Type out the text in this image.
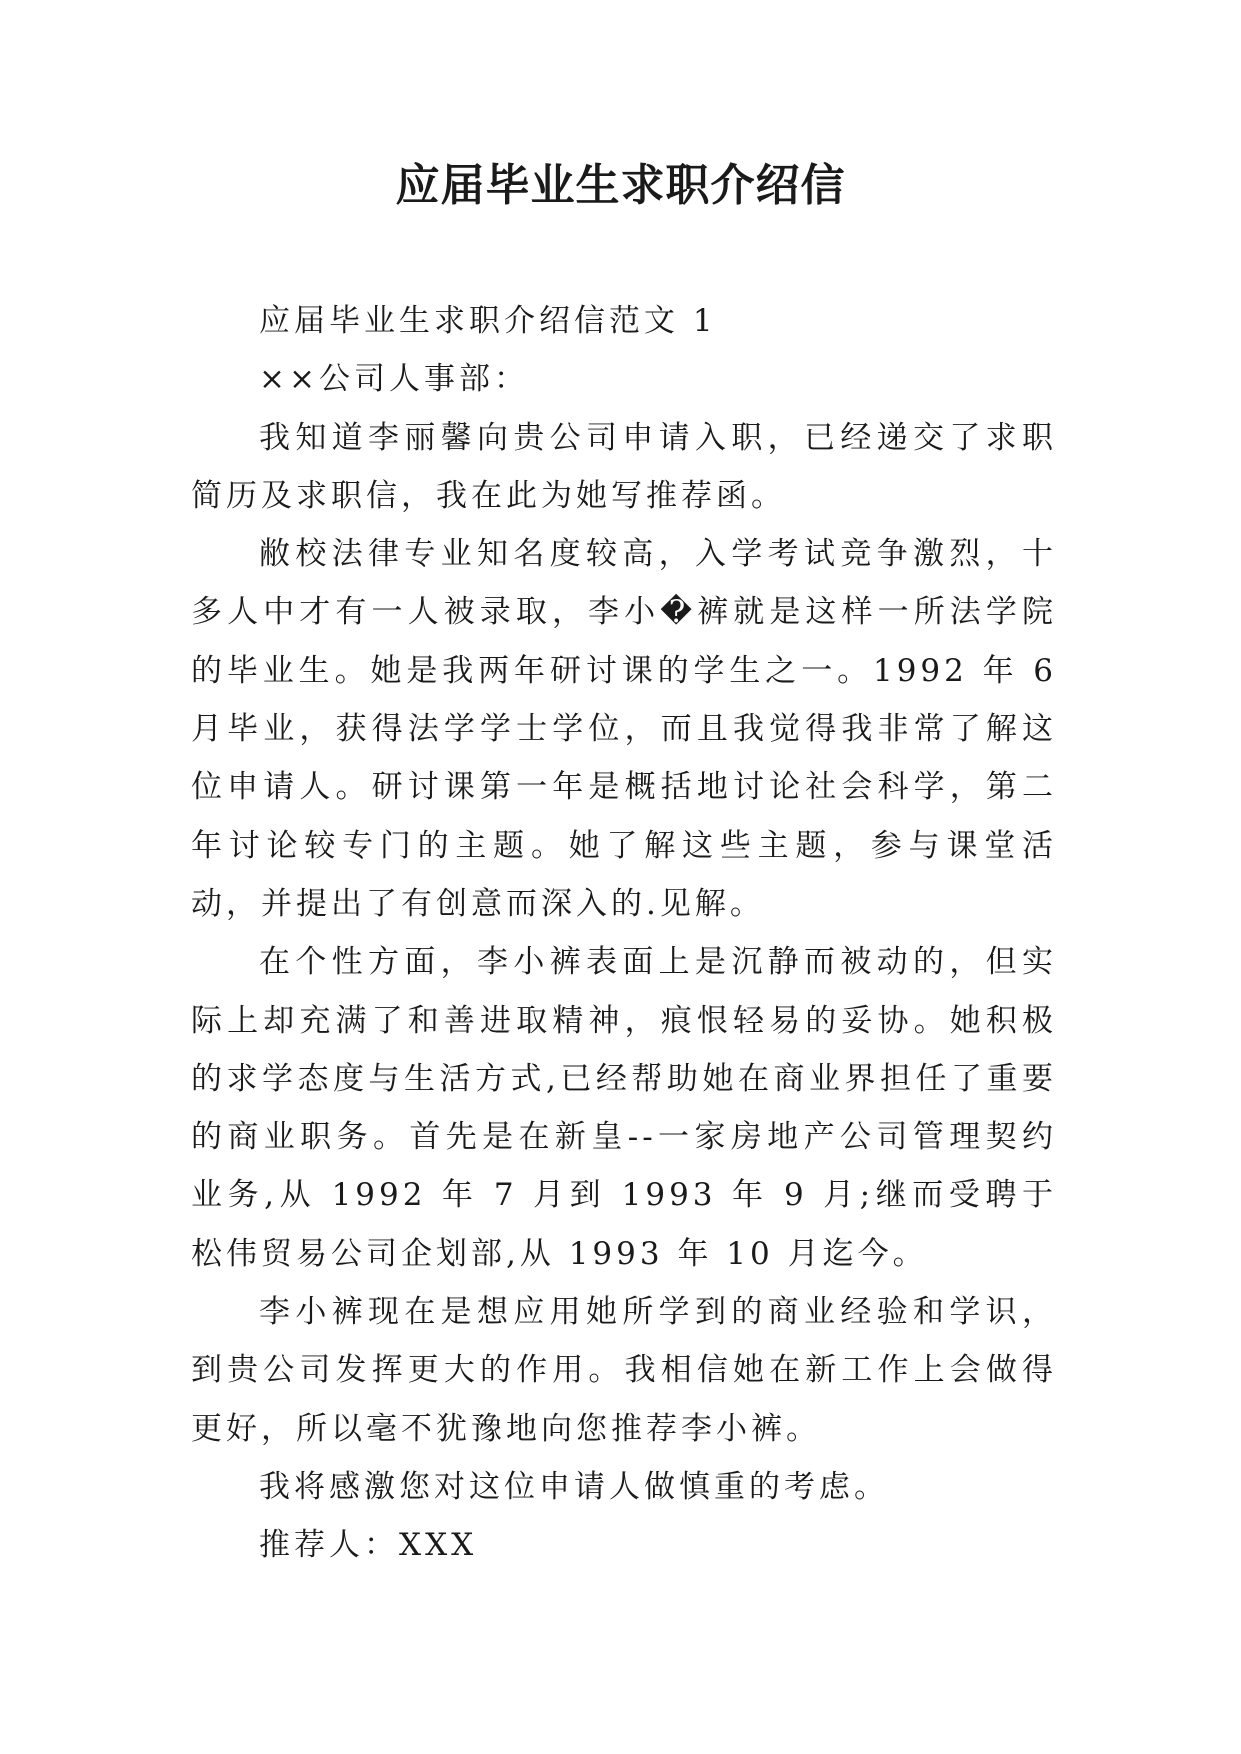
应届毕业生求职介绍信

应届毕业生求职介绍信范文 1

××公司人事部：

我知道李丽馨向贵公司申请入职，已经递交了求职简历及求职信，我在此为她写推荐函。

敝校法律专业知名度较高，入学考试竞争激烈，十多人中才有一人被录取，李小�裤就是这样一所法学院的毕业生。她是我两年研讨课的学生之一。1992 年 6 月毕业，获得法学学士学位，而且我觉得我非常了解这位申请人。研讨课第一年是概括地讨论社会科学，第二年讨论较专门的主题。她了解这些主题，参与课堂活动，并提出了有创意而深入的.见解。

在个性方面，李小裤表面上是沉静而被动的，但实际上却充满了和善进取精神，痕恨轻易的妥协。她积极的求学态度与生活方式,已经帮助她在商业界担任了重要的商业职务。首先是在新皇--一家房地产公司管理契约业务,从 1992 年 7 月到 1993 年 9 月;继而受聘于松伟贸易公司企划部,从 1993 年 10 月迄今。

李小裤现在是想应用她所学到的商业经验和学识，到贵公司发挥更大的作用。我相信她在新工作上会做得更好，所以毫不犹豫地向您推荐李小裤。

我将感激您对这位申请人做慎重的考虑。

推荐人：XXX
